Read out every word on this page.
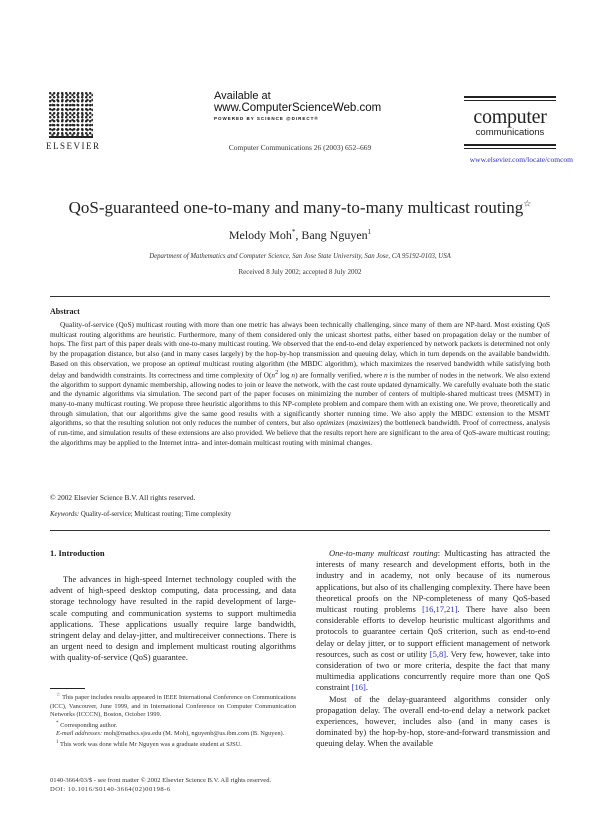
ELSEVIER
Available at
www.ComputerScienceWeb.com
POWERED BY SCIENCE @DIRECT®
Computer Communications 26 (2003) 652–669
computer
communications
www.elsevier.com/locate/comcom
QoS-guaranteed one-to-many and many-to-many multicast routing☆
Melody Moh*, Bang Nguyen$^1$
Department of Mathematics and Computer Science, San Jose State University, San Jose, CA 95192-0103, USA
Received 8 July 2002; accepted 8 July 2002
Abstract

Quality-of-service (QoS) multicast routing with more than one metric has always been technically challenging, since many of them are NP-hard. Most existing QoS multicast routing algorithms are heuristic. Furthermore, many of them considered only the unicast shortest paths, either based on propagation delay or the number of hops. The first part of this paper deals with one-to-many multicast routing. We observed that the end-to-end delay experienced by network packets is determined not only by the propagation distance, but also (and in many cases largely) by the hop-by-hop transmission and queuing delay, which in turn depends on the available bandwidth. Based on this observation, we propose an optimal multicast routing algorithm (the MBDC algorithm), which maximizes the reserved bandwidth while satisfying both delay and bandwidth constraints. Its correctness and time complexity of $O(n^2$ log n) are formally verified, where n is the number of nodes in the network. We also extend the algorithm to support dynamic membership, allowing nodes to join or leave the network, with the cast route updated dynamically. We carefully evaluate both the static and the dynamic algorithms via simulation. The second part of the paper focuses on minimizing the number of centers of multiple-shared multicast trees (MSMT) in many-to-many multicast routing. We propose three heuristic algorithms to this NP-complete problem and compare them with an existing one. We prove, theoretically and through simulation, that our algorithms give the same good results with a significantly shorter running time. We also apply the MBDC extension to the MSMT algorithms, so that the resulting solution not only reduces the number of centers, but also optimizes (maximizes) the bottleneck bandwidth. Proof of correctness, analysis of run-time, and simulation results of these extensions are also provided. We believe that the results report here are significant to the area of QoS-aware multicast routing; the algorithms may be applied to the Internet intra- and inter-domain multicast routing with minimal changes.

© 2002 Elsevier Science B.V. All rights reserved.
Keywords: Quality-of-service; Multicast routing; Time complexity
1. Introduction

The advances in high-speed Internet technology coupled with the advent of high-speed desktop computing, data processing, and data storage technology have resulted in the rapid development of large-scale computing and communication systems to support multimedia applications. These applications usually require large bandwidth, stringent delay and delay-jitter, and multireceiver connections. There is an urgent need to design and implement multicast routing algorithms with quality-of-service (QoS) guarantee.

One-to-many multicast routing: Multicasting has attracted the interests of many research and development efforts, both in the industry and in academy, not only because of its numerous applications, but also of its challenging complexity. There have been theoretical proofs on the NP-completeness of many QoS-based multicast routing problems [16,17,21]. There have also been considerable efforts to develop heuristic multicast algorithms and protocols to guarantee certain QoS criterion, such as end-to-end delay or delay jitter, or to support efficient management of network resources, such as cost or utility [5,8]. Very few, however, take into consideration of two or more criteria, despite the fact that many multimedia applications concurrently require more than one QoS constraint [16].

Most of the delay-guaranteed algorithms consider only propagation delay. The overall end-to-end delay a network packet experiences, however, includes also (and in many cases is dominated by) the hop-by-hop, store-and-forward transmission and queuing delay. When the available

☆ This paper includes results appeared in IEEE International Conference on Communications (ICC), Vancouver, June 1999, and in International Conference on Computer Communication Networks (ICCCN), Boston, October 1999.

* Corresponding author.

E-mail addresses: moh@mathcs.sjsu.edu (M. Moh), nguyenb@us.ibm.com (B. Nguyen).

$^1$ This work was done while Mr Nguyen was a graduate student at SJSU.

0140-3664/03/$ - see front matter © 2002 Elsevier Science B.V. All rights reserved.
DOI: 10.1016/S0140-3664(02)00198-6
